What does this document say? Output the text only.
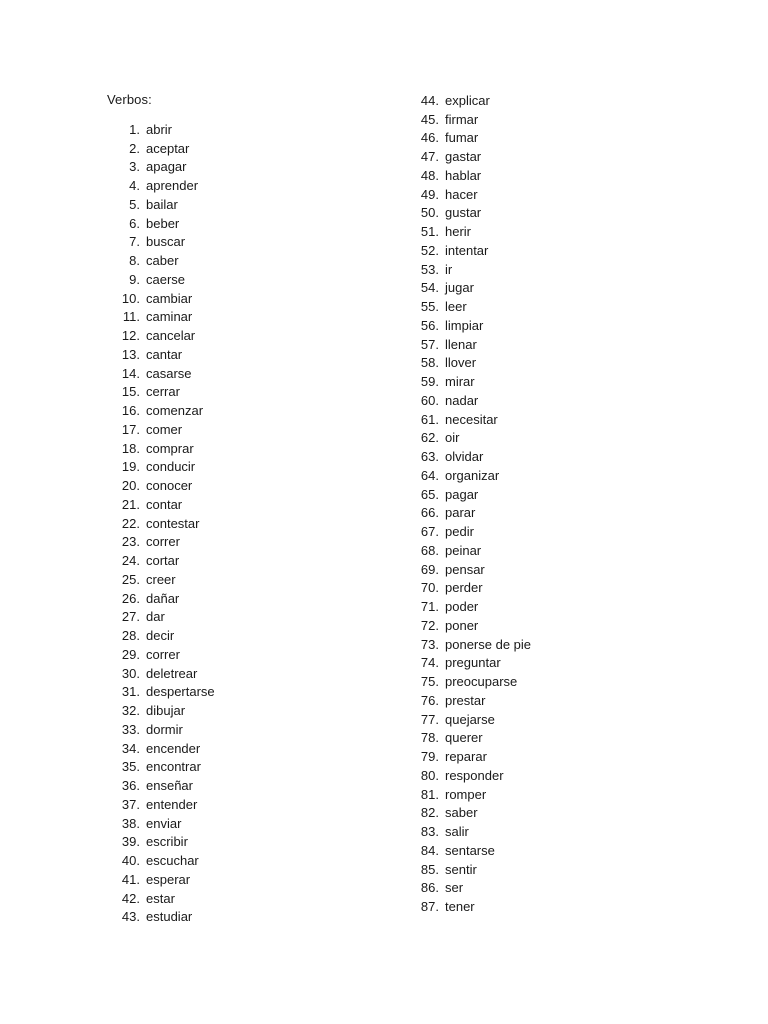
Verbos:
1. abrir
2. aceptar
3. apagar
4. aprender
5. bailar
6. beber
7. buscar
8. caber
9. caerse
10. cambiar
11. caminar
12. cancelar
13. cantar
14. casarse
15. cerrar
16. comenzar
17. comer
18. comprar
19. conducir
20. conocer
21. contar
22. contestar
23. correr
24. cortar
25. creer
26. dañar
27. dar
28. decir
29. correr
30. deletrear
31. despertarse
32. dibujar
33. dormir
34. encender
35. encontrar
36. enseñar
37. entender
38. enviar
39. escribir
40. escuchar
41. esperar
42. estar
43. estudiar
44. explicar
45. firmar
46. fumar
47. gastar
48. hablar
49. hacer
50. gustar
51. herir
52. intentar
53. ir
54. jugar
55. leer
56. limpiar
57. llenar
58. llover
59. mirar
60. nadar
61. necesitar
62. oir
63. olvidar
64. organizar
65. pagar
66. parar
67. pedir
68. peinar
69. pensar
70. perder
71. poder
72. poner
73. ponerse de pie
74. preguntar
75. preocuparse
76. prestar
77. quejarse
78. querer
79. reparar
80. responder
81. romper
82. saber
83. salir
84. sentarse
85. sentir
86. ser
87. tener
